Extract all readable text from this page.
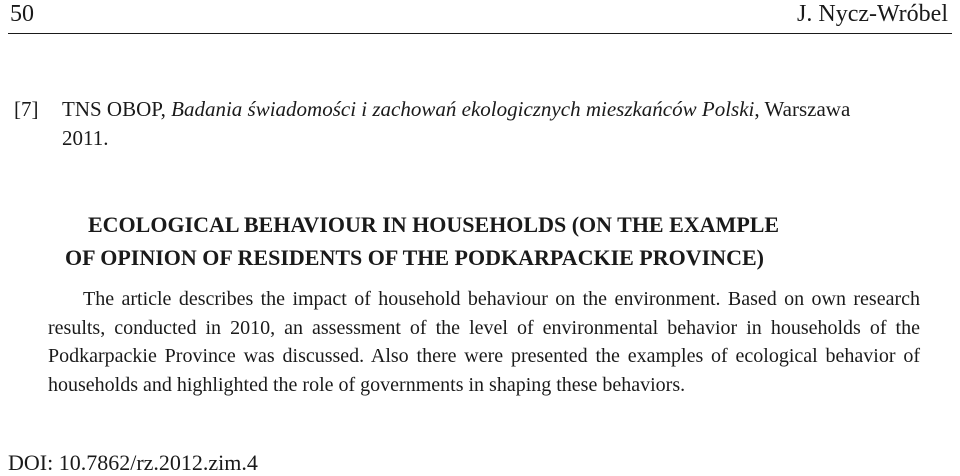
50	J. Nycz-Wróbel
[7] TNS OBOP, Badania świadomości i zachowań ekologicznych mieszkańców Polski, Warszawa
2011.
ECOLOGICAL BEHAVIOUR IN HOUSEHOLDS (ON THE EXAMPLE
OF OPINION OF RESIDENTS OF THE PODKARPACKIE PROVINCE)

The article describes the impact of household behaviour on the environment. Based on own research results, conducted in 2010, an assessment of the level of environmental behavior in households of the Podkarpackie Province was discussed. Also there were presented the examples of ecological behavior of households and highlighted the role of governments in shaping these behaviors.

DOI: 10.7862/rz.2012.zim.4
